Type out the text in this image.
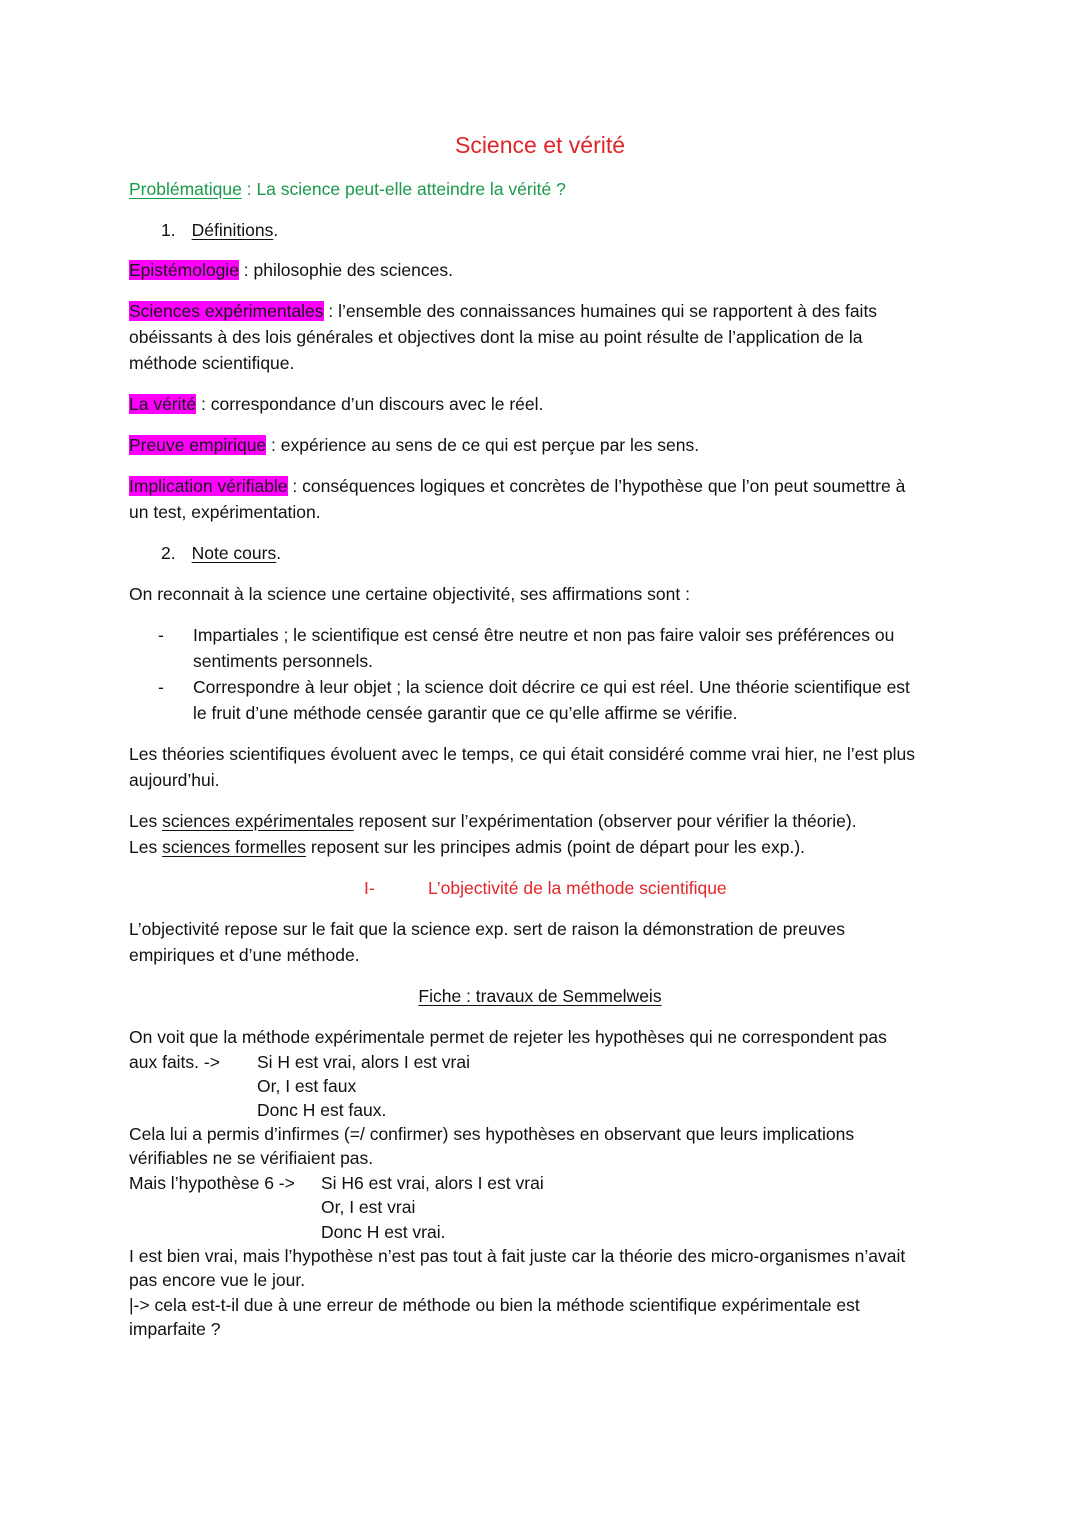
Science et vérité
Problématique : La science peut-elle atteindre la vérité ?
1. Définitions.
Epistémologie : philosophie des sciences.
Sciences expérimentales : l’ensemble des connaissances humaines qui se rapportent à des faits
obéissants à des lois générales et objectives dont la mise au point résulte de l’application de la
méthode scientifique.
La vérité : correspondance d’un discours avec le réel.
Preuve empirique : expérience au sens de ce qui est perçue par les sens.
Implication vérifiable : conséquences logiques et concrètes de l’hypothèse que l’on peut soumettre à
un test, expérimentation.
2. Note cours.
On reconnait à la science une certaine objectivité, ses affirmations sont :
- Impartiales ; le scientifique est censé être neutre et non pas faire valoir ses préférences ou
sentiments personnels.
- Correspondre à leur objet ; la science doit décrire ce qui est réel. Une théorie scientifique est
le fruit d’une méthode censée garantir que ce qu’elle affirme se vérifie.
Les théories scientifiques évoluent avec le temps, ce qui était considéré comme vrai hier, ne l’est plus
aujourd’hui.
Les sciences expérimentales reposent sur l’expérimentation (observer pour vérifier la théorie).
Les sciences formelles reposent sur les principes admis (point de départ pour les exp.).
I-	L’objectivité de la méthode scientifique
L’objectivité repose sur le fait que la science exp. sert de raison la démonstration de preuves
empiriques et d’une méthode.
Fiche : travaux de Semmelweis
On voit que la méthode expérimentale permet de rejeter les hypothèses qui ne correspondent pas
aux faits. -> Si H est vrai, alors I est vrai
Or, I est faux
Donc H est faux.
Cela lui a permis d’infirmes (=/ confirmer) ses hypothèses en observant que leurs implications
vérifiables ne se vérifiaient pas.
Mais l’hypothèse 6 -> Si H6 est vrai, alors I est vrai
Or, I est vrai
Donc H est vrai.
I est bien vrai, mais l’hypothèse n’est pas tout à fait juste car la théorie des micro-organismes n’avait
pas encore vue le jour.
|-> cela est-t-il due à une erreur de méthode ou bien la méthode scientifique expérimentale est
imparfaite ?
